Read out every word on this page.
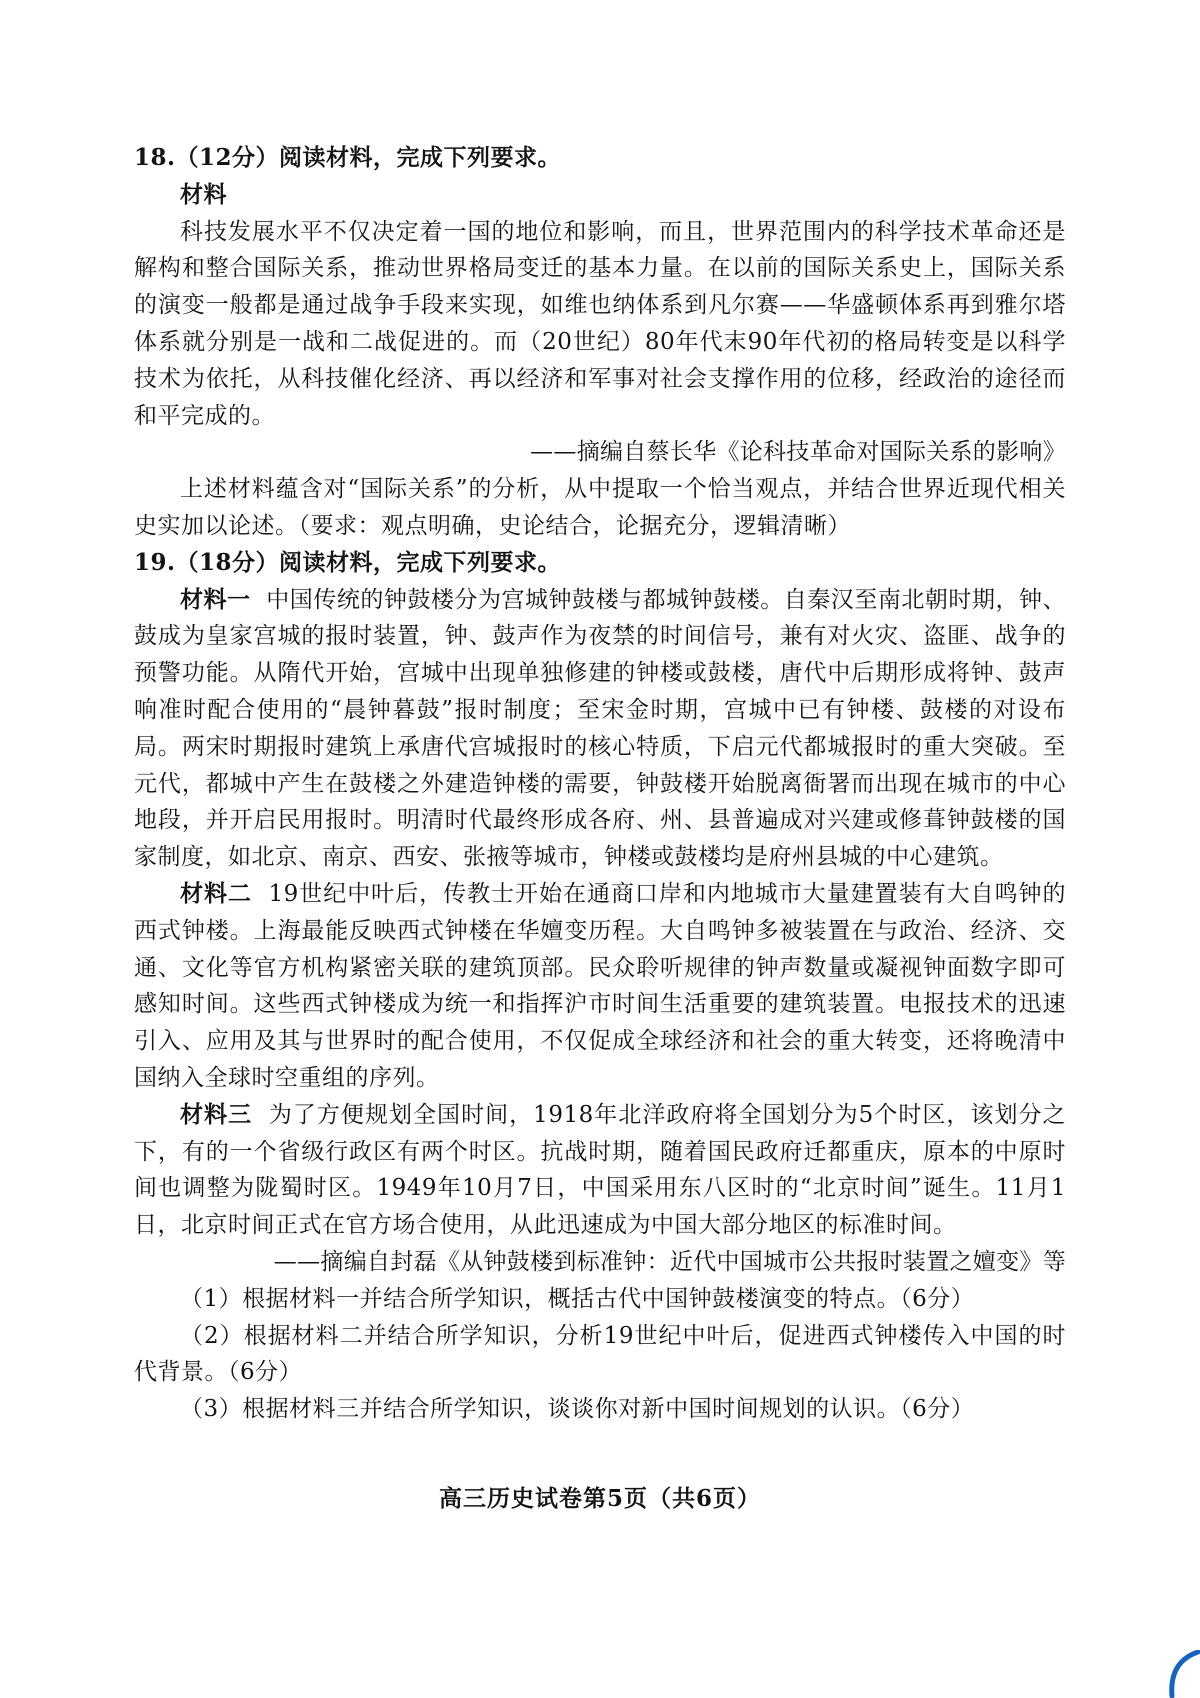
18.（12分）阅读材料，完成下列要求。
材料
科技发展水平不仅决定着一国的地位和影响，而且，世界范围内的科学技术革命还是解构和整合国际关系，推动世界格局变迁的基本力量。在以前的国际关系史上，国际关系的演变一般都是通过战争手段来实现，如维也纳体系到凡尔赛——华盛顿体系再到雅尔塔体系就分别是一战和二战促进的。而（20世纪）80年代末90年代初的格局转变是以科学技术为依托，从科技催化经济、再以经济和军事对社会支撑作用的位移，经政治的途径而和平完成的。
——摘编自蔡长华《论科技革命对国际关系的影响》
上述材料蕴含对“国际关系”的分析，从中提取一个恰当观点，并结合世界近现代相关史实加以论述。（要求：观点明确，史论结合，论据充分，逻辑清晰）
19.（18分）阅读材料，完成下列要求。
材料一 中国传统的钟鼓楼分为宫城钟鼓楼与都城钟鼓楼。自秦汉至南北朝时期，钟、鼓成为皇家宫城的报时装置，钟、鼓声作为夜禁的时间信号，兼有对火灾、盗匪、战争的预警功能。从隋代开始，宫城中出现单独修建的钟楼或鼓楼，唐代中后期形成将钟、鼓声响准时配合使用的“晨钟暮鼓”报时制度；至宋金时期，宫城中已有钟楼、鼓楼的对设布局。两宋时期报时建筑上承唐代宫城报时的核心特质，下启元代都城报时的重大突破。至元代，都城中产生在鼓楼之外建造钟楼的需要，钟鼓楼开始脱离衙署而出现在城市的中心地段，并开启民用报时。明清时代最终形成各府、州、县普遍成对兴建或修葺钟鼓楼的国家制度，如北京、南京、西安、张掖等城市，钟楼或鼓楼均是府州县城的中心建筑。
材料二 19世纪中叶后，传教士开始在通商口岸和内地城市大量建置装有大自鸣钟的西式钟楼。上海最能反映西式钟楼在华嬗变历程。大自鸣钟多被装置在与政治、经济、交通、文化等官方机构紧密关联的建筑顶部。民众聆听规律的钟声数量或凝视钟面数字即可感知时间。这些西式钟楼成为统一和指挥沪市时间生活重要的建筑装置。电报技术的迅速引入、应用及其与世界时的配合使用，不仅促成全球经济和社会的重大转变，还将晚清中国纳入全球时空重组的序列。
材料三 为了方便规划全国时间，1918年北洋政府将全国划分为5个时区，该划分之下，有的一个省级行政区有两个时区。抗战时期，随着国民政府迁都重庆，原本的中原时间也调整为陇蜀时区。1949年10月7日，中国采用东八区时的“北京时间”诞生。11月1日，北京时间正式在官方场合使用，从此迅速成为中国大部分地区的标准时间。
——摘编自封磊《从钟鼓楼到标准钟：近代中国城市公共报时装置之嬗变》等
（1）根据材料一并结合所学知识，概括古代中国钟鼓楼演变的特点。（6分）
（2）根据材料二并结合所学知识，分析19世纪中叶后，促进西式钟楼传入中国的时代背景。（6分）
（3）根据材料三并结合所学知识，谈谈你对新中国时间规划的认识。（6分）
高三历史试卷第5页（共6页）
